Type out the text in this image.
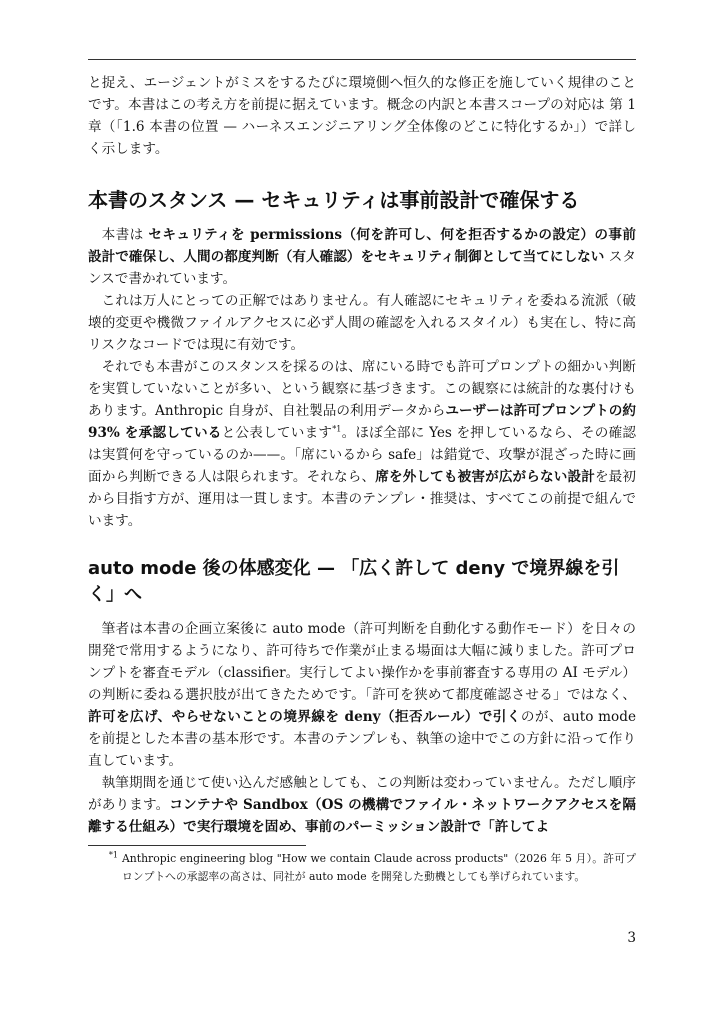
と捉え、エージェントがミスをするたびに環境側へ恒久的な修正を施していく規律のことです。本書はこの考え方を前提に据えています。概念の内訳と本書スコープの対応は 第 1 章（「1.6 本書の位置 — ハーネスエンジニアリング全体像のどこに特化するか」）で詳しく示します。

本書のスタンス — セキュリティは事前設計で確保する

本書は セキュリティを permissions（何を許可し、何を拒否するかの設定）の事前設計で確保し、人間の都度判断（有人確認）をセキュリティ制御として当てにしない スタンスで書かれています。

これは万人にとっての正解ではありません。有人確認にセキュリティを委ねる流派（破壊的変更や機微ファイルアクセスに必ず人間の確認を入れるスタイル）も実在し、特に高リスクなコードでは現に有効です。

それでも本書がこのスタンスを採るのは、席にいる時でも許可プロンプトの細かい判断を実質していないことが多い、という観察に基づきます。この観察には統計的な裏付けもあります。Anthropic 自身が、自社製品の利用データからユーザーは許可プロンプトの約 93% を承認していると公表しています$^{*1}$。ほぼ全部に Yes を押しているなら、その確認は実質何を守っているのか——。「席にいるから safe」は錯覚で、攻撃が混ざった時に画面から判断できる人は限られます。それなら、席を外しても被害が広がらない設計を最初から目指す方が、運用は一貫します。本書のテンプレ・推奨は、すべてこの前提で組んでいます。

auto mode 後の体感変化 — 「広く許して deny で境界線を引く」へ

筆者は本書の企画立案後に auto mode（許可判断を自動化する動作モード）を日々の開発で常用するようになり、許可待ちで作業が止まる場面は大幅に減りました。許可プロンプトを審査モデル（classifier。実行してよい操作かを事前審査する専用の AI モデル）の判断に委ねる選択肢が出てきたためです。「許可を狭めて都度確認させる」ではなく、許可を広げ、やらせないことの境界線を deny（拒否ルール）で引くのが、auto mode を前提とした本書の基本形です。本書のテンプレも、執筆の途中でこの方針に沿って作り直しています。

執筆期間を通じて使い込んだ感触としても、この判断は変わっていません。ただし順序があります。コンテナや Sandbox（OS の機構でファイル・ネットワークアクセスを隔離する仕組み）で実行環境を固め、事前のパーミッション設計で「許してよ

$^{*1}$ Anthropic engineering blog "How we contain Claude across products"（2026 年 5 月）。許可プロンプトへの承認率の高さは、同社が auto mode を開発した動機としても挙げられています。
3
